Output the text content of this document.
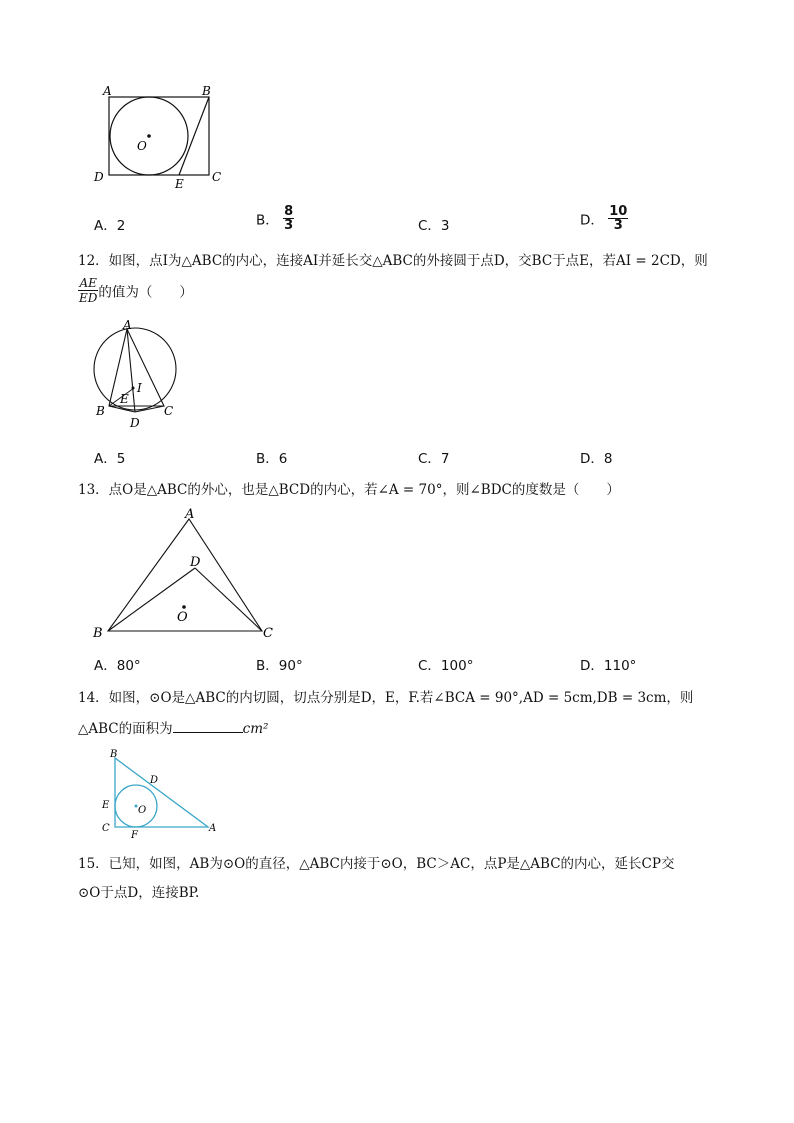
A	B
O
D	C
E
A．2	B． $\frac{8}{3}$	C．3	D． $\frac{10}{3}$
12．如图，点I为△ABC的内心，连接AI并延长交△ABC的外接圆于点D，交BC于点E，若AI = 2CD，则
$\frac{AE}{ED}$ 的值为（　　）
A
I
E
B	C
D
A．5	B．6	C．7	D．8
13．点O是△ABC的外心，也是△BCD的内心，若∠A = 70°，则∠BDC的度数是（　　）
A
D
O
B	C
A．80°	B．90°	C．100°	D．110°
14．如图，⊙O是△ABC的内切圆，切点分别是D，E，F.若∠BCA = 90°,AD = 5cm,DB = 3cm，则
△ABC的面积为	cm²
B
D
E	O
C
F
A
15．已知，如图，AB为⊙O的直径，△ABC内接于⊙O，BC＞AC，点P是△ABC的内心，延长CP交
⊙O于点D，连接BP.
